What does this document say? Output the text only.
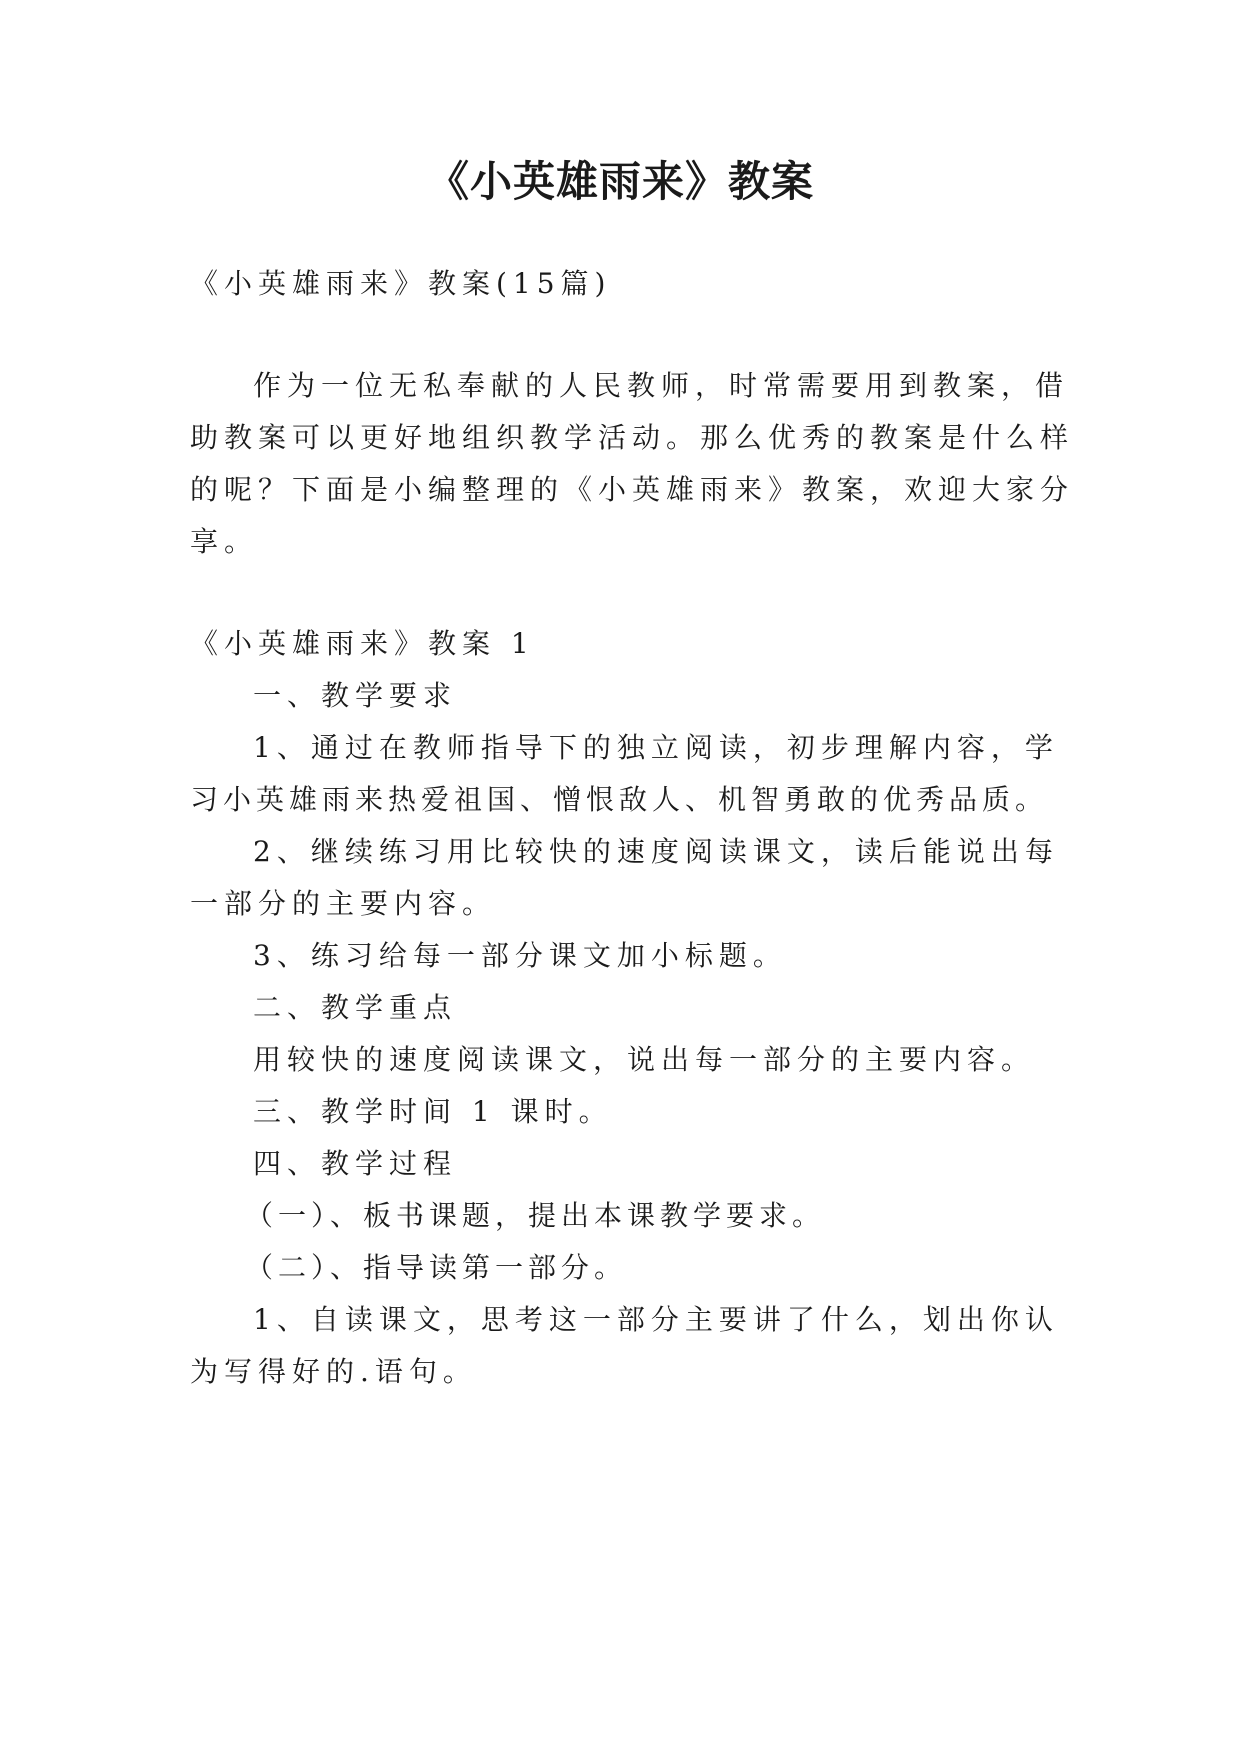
《小英雄雨来》教案
《小英雄雨来》教案(15篇)
作为一位无私奉献的人民教师，时常需要用到教案，借
助教案可以更好地组织教学活动。那么优秀的教案是什么样
的呢？下面是小编整理的《小英雄雨来》教案，欢迎大家分
享。
《小英雄雨来》教案 1
一、教学要求
1、通过在教师指导下的独立阅读，初步理解内容，学
习小英雄雨来热爱祖国、憎恨敌人、机智勇敢的优秀品质。
2、继续练习用比较快的速度阅读课文，读后能说出每
一部分的主要内容。
3、练习给每一部分课文加小标题。
二、教学重点
用较快的速度阅读课文，说出每一部分的主要内容。
三、教学时间 1 课时。
四、教学过程
（一）、板书课题，提出本课教学要求。
（二）、指导读第一部分。
1、自读课文，思考这一部分主要讲了什么，划出你认
为写得好的.语句。
